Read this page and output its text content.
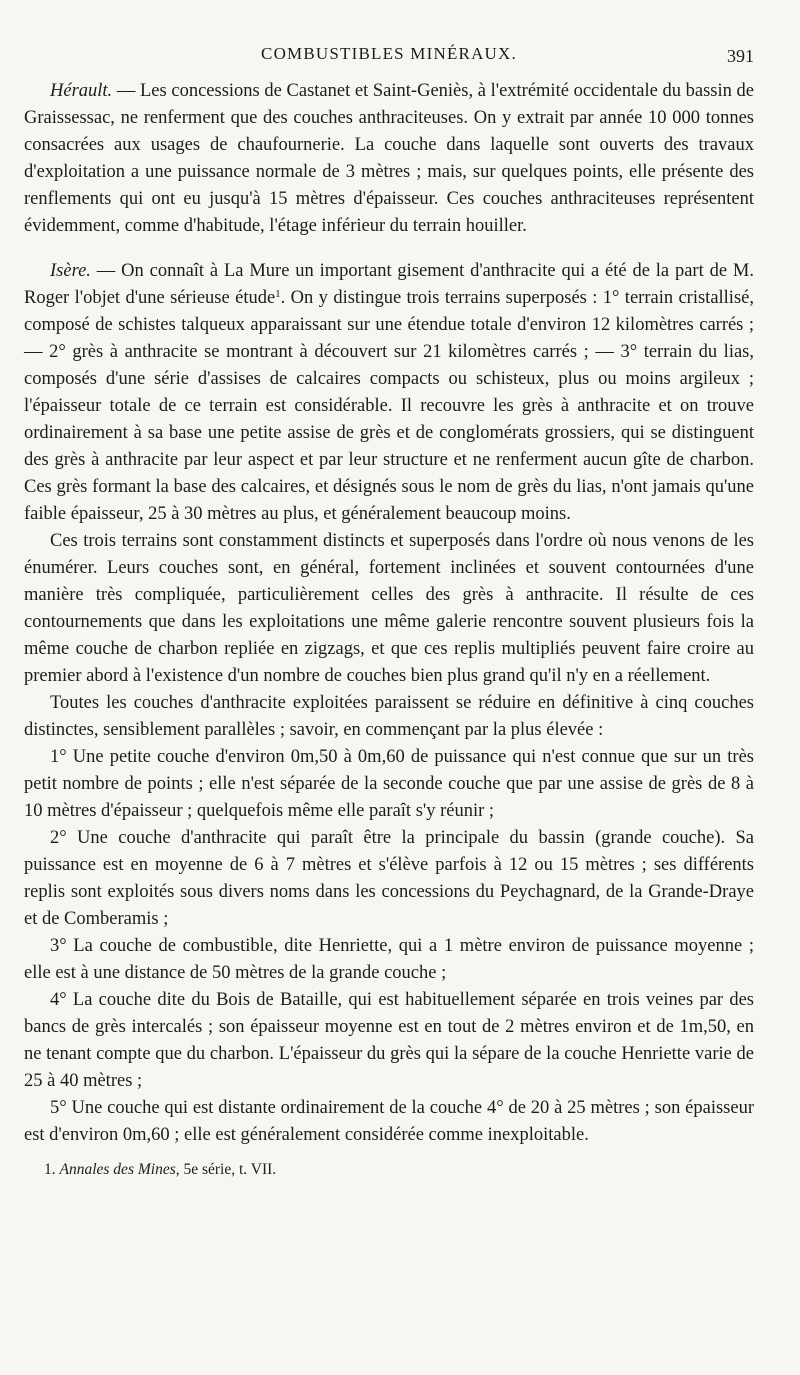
COMBUSTIBLES MINÉRAUX.	391

Hérault. — Les concessions de Castanet et Saint-Geniès, à l'extrémité occidentale du bassin de Graissessac, ne renferment que des couches anthraciteuses. On y extrait par année 10 000 tonnes consacrées aux usages de chaufournerie. La couche dans laquelle sont ouverts des travaux d'exploitation a une puissance normale de 3 mètres ; mais, sur quelques points, elle présente des renflements qui ont eu jusqu'à 15 mètres d'épaisseur. Ces couches anthraciteuses représentent évidemment, comme d'habitude, l'étage inférieur du terrain houiller.

Isère. — On connaît à La Mure un important gisement d'anthracite qui a été de la part de M. Roger l'objet d'une sérieuse étude$^1$. On y distingue trois terrains superposés : 1° terrain cristallisé, composé de schistes talqueux apparaissant sur une étendue totale d'environ 12 kilomètres carrés ; — 2° grès à anthracite se montrant à découvert sur 21 kilomètres carrés ; — 3° terrain du lias, composés d'une série d'assises de calcaires compacts ou schisteux, plus ou moins argileux ; l'épaisseur totale de ce terrain est considérable. Il recouvre les grès à anthracite et on trouve ordinairement à sa base une petite assise de grès et de conglomérats grossiers, qui se distinguent des grès à anthracite par leur aspect et par leur structure et ne renferment aucun gîte de charbon. Ces grès formant la base des calcaires, et désignés sous le nom de grès du lias, n'ont jamais qu'une faible épaisseur, 25 à 30 mètres au plus, et généralement beaucoup moins.

Ces trois terrains sont constamment distincts et superposés dans l'ordre où nous venons de les énumérer. Leurs couches sont, en général, fortement inclinées et souvent contournées d'une manière très compliquée, particulièrement celles des grès à anthracite. Il résulte de ces contournements que dans les exploitations une même galerie rencontre souvent plusieurs fois la même couche de charbon repliée en zigzags, et que ces replis multipliés peuvent faire croire au premier abord à l'existence d'un nombre de couches bien plus grand qu'il n'y en a réellement.

Toutes les couches d'anthracite exploitées paraissent se réduire en définitive à cinq couches distinctes, sensiblement parallèles ; savoir, en commençant par la plus élevée :

1° Une petite couche d'environ 0m,50 à 0m,60 de puissance qui n'est connue que sur un très petit nombre de points ; elle n'est séparée de la seconde couche que par une assise de grès de 8 à 10 mètres d'épaisseur ; quelquefois même elle paraît s'y réunir ;

2° Une couche d'anthracite qui paraît être la principale du bassin (grande couche). Sa puissance est en moyenne de 6 à 7 mètres et s'élève parfois à 12 ou 15 mètres ; ses différents replis sont exploités sous divers noms dans les concessions du Peychagnard, de la Grande-Draye et de Comberamis ;

3° La couche de combustible, dite Henriette, qui a 1 mètre environ de puissance moyenne ; elle est à une distance de 50 mètres de la grande couche ;

4° La couche dite du Bois de Bataille, qui est habituellement séparée en trois veines par des bancs de grès intercalés ; son épaisseur moyenne est en tout de 2 mètres environ et de 1m,50, en ne tenant compte que du charbon. L'épaisseur du grès qui la sépare de la couche Henriette varie de 25 à 40 mètres ;

5° Une couche qui est distante ordinairement de la couche 4° de 20 à 25 mètres ; son épaisseur est d'environ 0m,60 ; elle est généralement considérée comme inexploitable.

1. Annales des Mines, 5e série, t. VII.
